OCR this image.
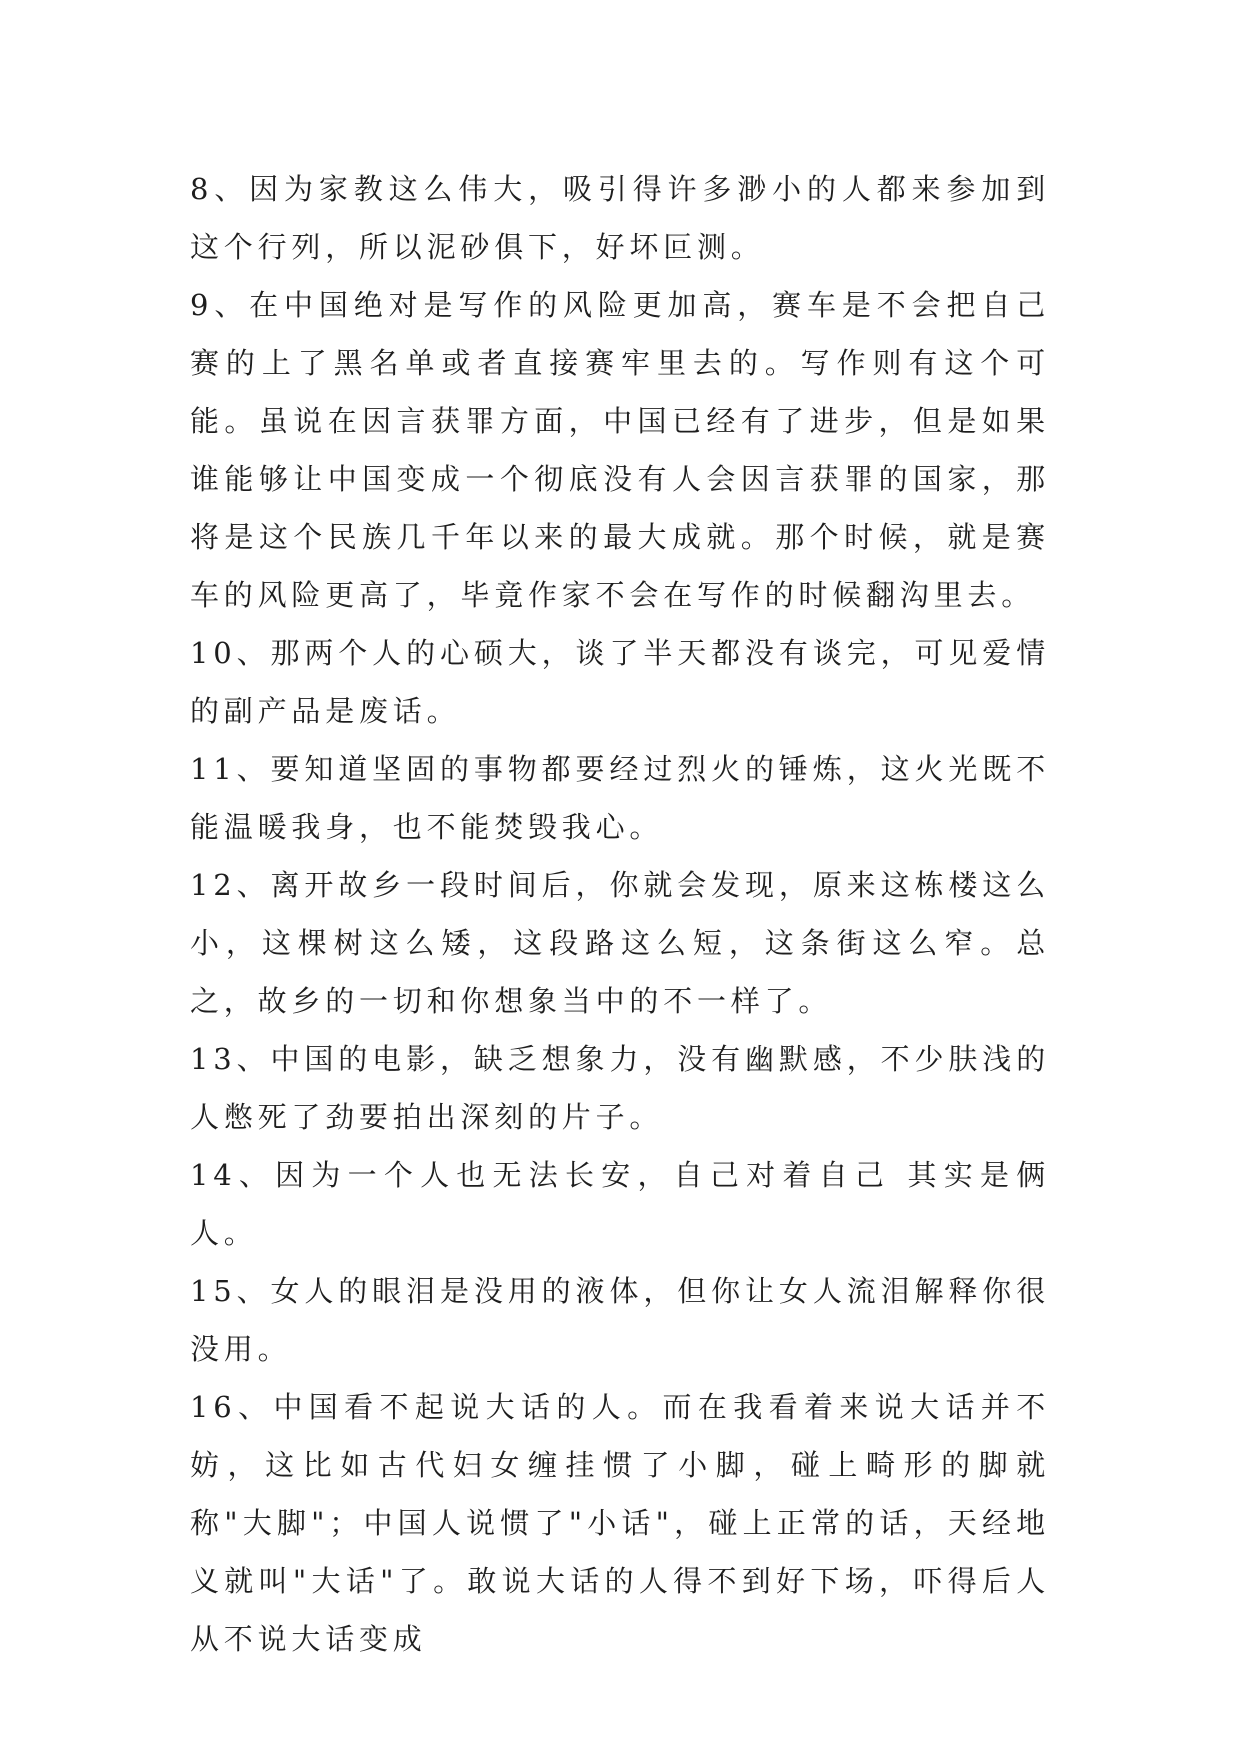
8、因为家教这么伟大，吸引得许多渺小的人都来参加到这个行列，所以泥砂俱下，好坏叵测。

9、在中国绝对是写作的风险更加高，赛车是不会把自己赛的上了黑名单或者直接赛牢里去的。写作则有这个可能。虽说在因言获罪方面，中国已经有了进步，但是如果谁能够让中国变成一个彻底没有人会因言获罪的国家，那将是这个民族几千年以来的最大成就。那个时候，就是赛车的风险更高了，毕竟作家不会在写作的时候翻沟里去。

10、那两个人的心硕大，谈了半天都没有谈完，可见爱情的副产品是废话。

11、要知道坚固的事物都要经过烈火的锤炼，这火光既不能温暖我身，也不能焚毁我心。

12、离开故乡一段时间后，你就会发现，原来这栋楼这么小，这棵树这么矮，这段路这么短，这条街这么窄。总之，故乡的一切和你想象当中的不一样了。

13、中国的电影，缺乏想象力，没有幽默感，不少肤浅的人憋死了劲要拍出深刻的片子。

14、因为一个人也无法长安，自己对着自己 其实是俩人。

15、女人的眼泪是没用的液体，但你让女人流泪解释你很没用。

16、中国看不起说大话的人。而在我看着来说大话并不妨，这比如古代妇女缠挂惯了小脚，碰上畸形的脚就称"大脚"；中国人说惯了"小话"，碰上正常的话，天经地义就叫"大话"了。敢说大话的人得不到好下场，吓得后人从不说大话变成
